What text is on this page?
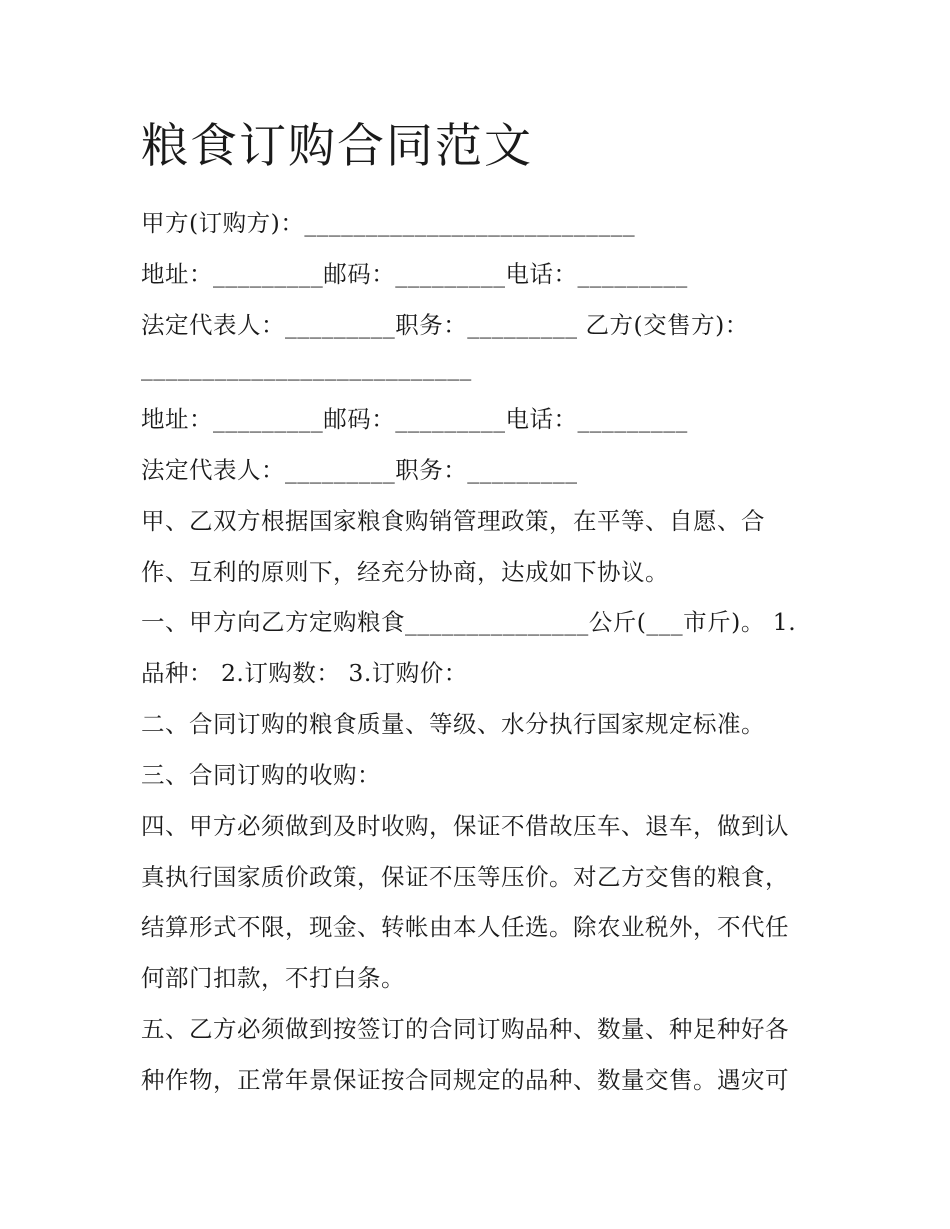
粮食订购合同范文
甲方(订购方)：___________________________
地址：_________邮码：_________电话：_________
法定代表人：_________职务：_________ 乙方(交售方)：
___________________________
地址：_________邮码：_________电话：_________
法定代表人：_________职务：_________
甲、乙双方根据国家粮食购销管理政策，在平等、自愿、合
作、互利的原则下，经充分协商，达成如下协议。
一、甲方向乙方定购粮食_______________公斤(___市斤)。 1.
品种： 2.订购数： 3.订购价：
二、合同订购的粮食质量、等级、水分执行国家规定标准。
三、合同订购的收购：
四、甲方必须做到及时收购，保证不借故压车、退车，做到认
真执行国家质价政策，保证不压等压价。对乙方交售的粮食，
结算形式不限，现金、转帐由本人任选。除农业税外，不代任
何部门扣款，不打白条。
五、乙方必须做到按签订的合同订购品种、数量、种足种好各
种作物，正常年景保证按合同规定的品种、数量交售。遇灾可
